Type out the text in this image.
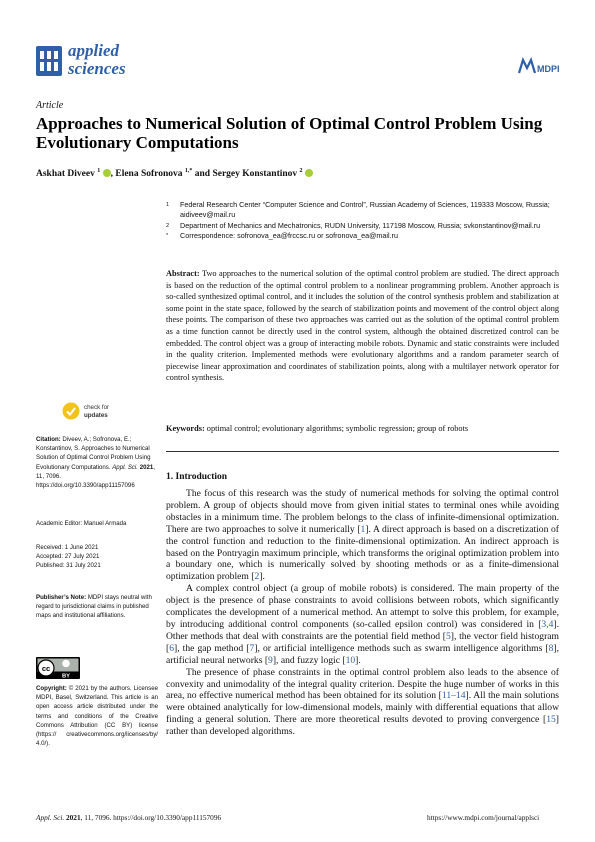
applied
sciences	MDPI
Article
Approaches to Numerical Solution of Optimal Control Problem Using Evolutionary Computations
Askhat Diveev $^1$ , Elena Sofronova $^{1,*}$ and Sergey Konstantinov $^2$
1 Federal Research Center “Computer Science and Control”, Russian Academy of Sciences, 119333 Moscow, Russia; aidiveev@mail.ru
2 Department of Mechanics and Mechatronics, RUDN University, 117198 Moscow, Russia; svkonstantinov@mail.ru
* Correspondence: sofronova_ea@frccsc.ru or sofronova_ea@mail.ru
Abstract: Two approaches to the numerical solution of the optimal control problem are studied. The direct approach is based on the reduction of the optimal control problem to a nonlinear programming problem. Another approach is so-called synthesized optimal control, and it includes the solution of the control synthesis problem and stabilization at some point in the state space, followed by the search of stabilization points and movement of the control object along these points. The comparison of these two approaches was carried out as the solution of the optimal control problem as a time function cannot be directly used in the control system, although the obtained discretized control can be embedded. The control object was a group of interacting mobile robots. Dynamic and static constraints were included in the quality criterion. Implemented methods were evolutionary algorithms and a random parameter search of piecewise linear approximation and coordinates of stabilization points, along with a multilayer network operator for control synthesis.
Keywords: optimal control; evolutionary algorithms; symbolic regression; group of robots
check for
updates
Citation: Diveev, A.; Sofronova, E.; Konstantinov, S. Approaches to Numerical Solution of Optimal Control Problem Using Evolutionary Computations. Appl. Sci. 2021, 11, 7096. https://doi.org/10.3390/app11157096
Academic Editor: Manuel Armada
Received: 1 June 2021
Accepted: 27 July 2021
Published: 31 July 2021
Publisher’s Note: MDPI stays neutral with regard to jurisdictional claims in published maps and institutional affiliations.
cc
BY
Copyright: © 2021 by the authors. Licensee MDPI, Basel, Switzerland. This article is an open access article distributed under the terms and conditions of the Creative Commons Attribution (CC BY) license (https:// creativecommons.org/licenses/by/ 4.0/).
1. Introduction

The focus of this research was the study of numerical methods for solving the optimal control problem. A group of objects should move from given initial states to terminal ones while avoiding obstacles in a minimum time. The problem belongs to the class of infinite-dimensional optimization. There are two approaches to solve it numerically [1]. A direct approach is based on a discretization of the control function and reduction to the finite-dimensional optimization. An indirect approach is based on the Pontryagin maximum principle, which transforms the original optimization problem into a boundary one, which is numerically solved by shooting methods or as a finite-dimensional optimization problem [2].

A complex control object (a group of mobile robots) is considered. The main property of the object is the presence of phase constraints to avoid collisions between robots, which significantly complicates the development of a numerical method. An attempt to solve this problem, for example, by introducing additional control components (so-called epsilon control) was considered in [3,4]. Other methods that deal with constraints are the potential field method [5], the vector field histogram [6], the gap method [7], or artificial intelligence methods such as swarm intelligence algorithms [8], artificial neural networks [9], and fuzzy logic [10].

The presence of phase constraints in the optimal control problem also leads to the absence of convexity and unimodality of the integral quality criterion. Despite the huge number of works in this area, no effective numerical method has been obtained for its solution [11–14]. All the main solutions were obtained analytically for low-dimensional models, mainly with differential equations that allow finding a general solution. There are more theoretical results devoted to proving convergence [15] rather than developed algorithms.

Appl. Sci. 2021, 11, 7096. https://doi.org/10.3390/app11157096	https://www.mdpi.com/journal/applsci
